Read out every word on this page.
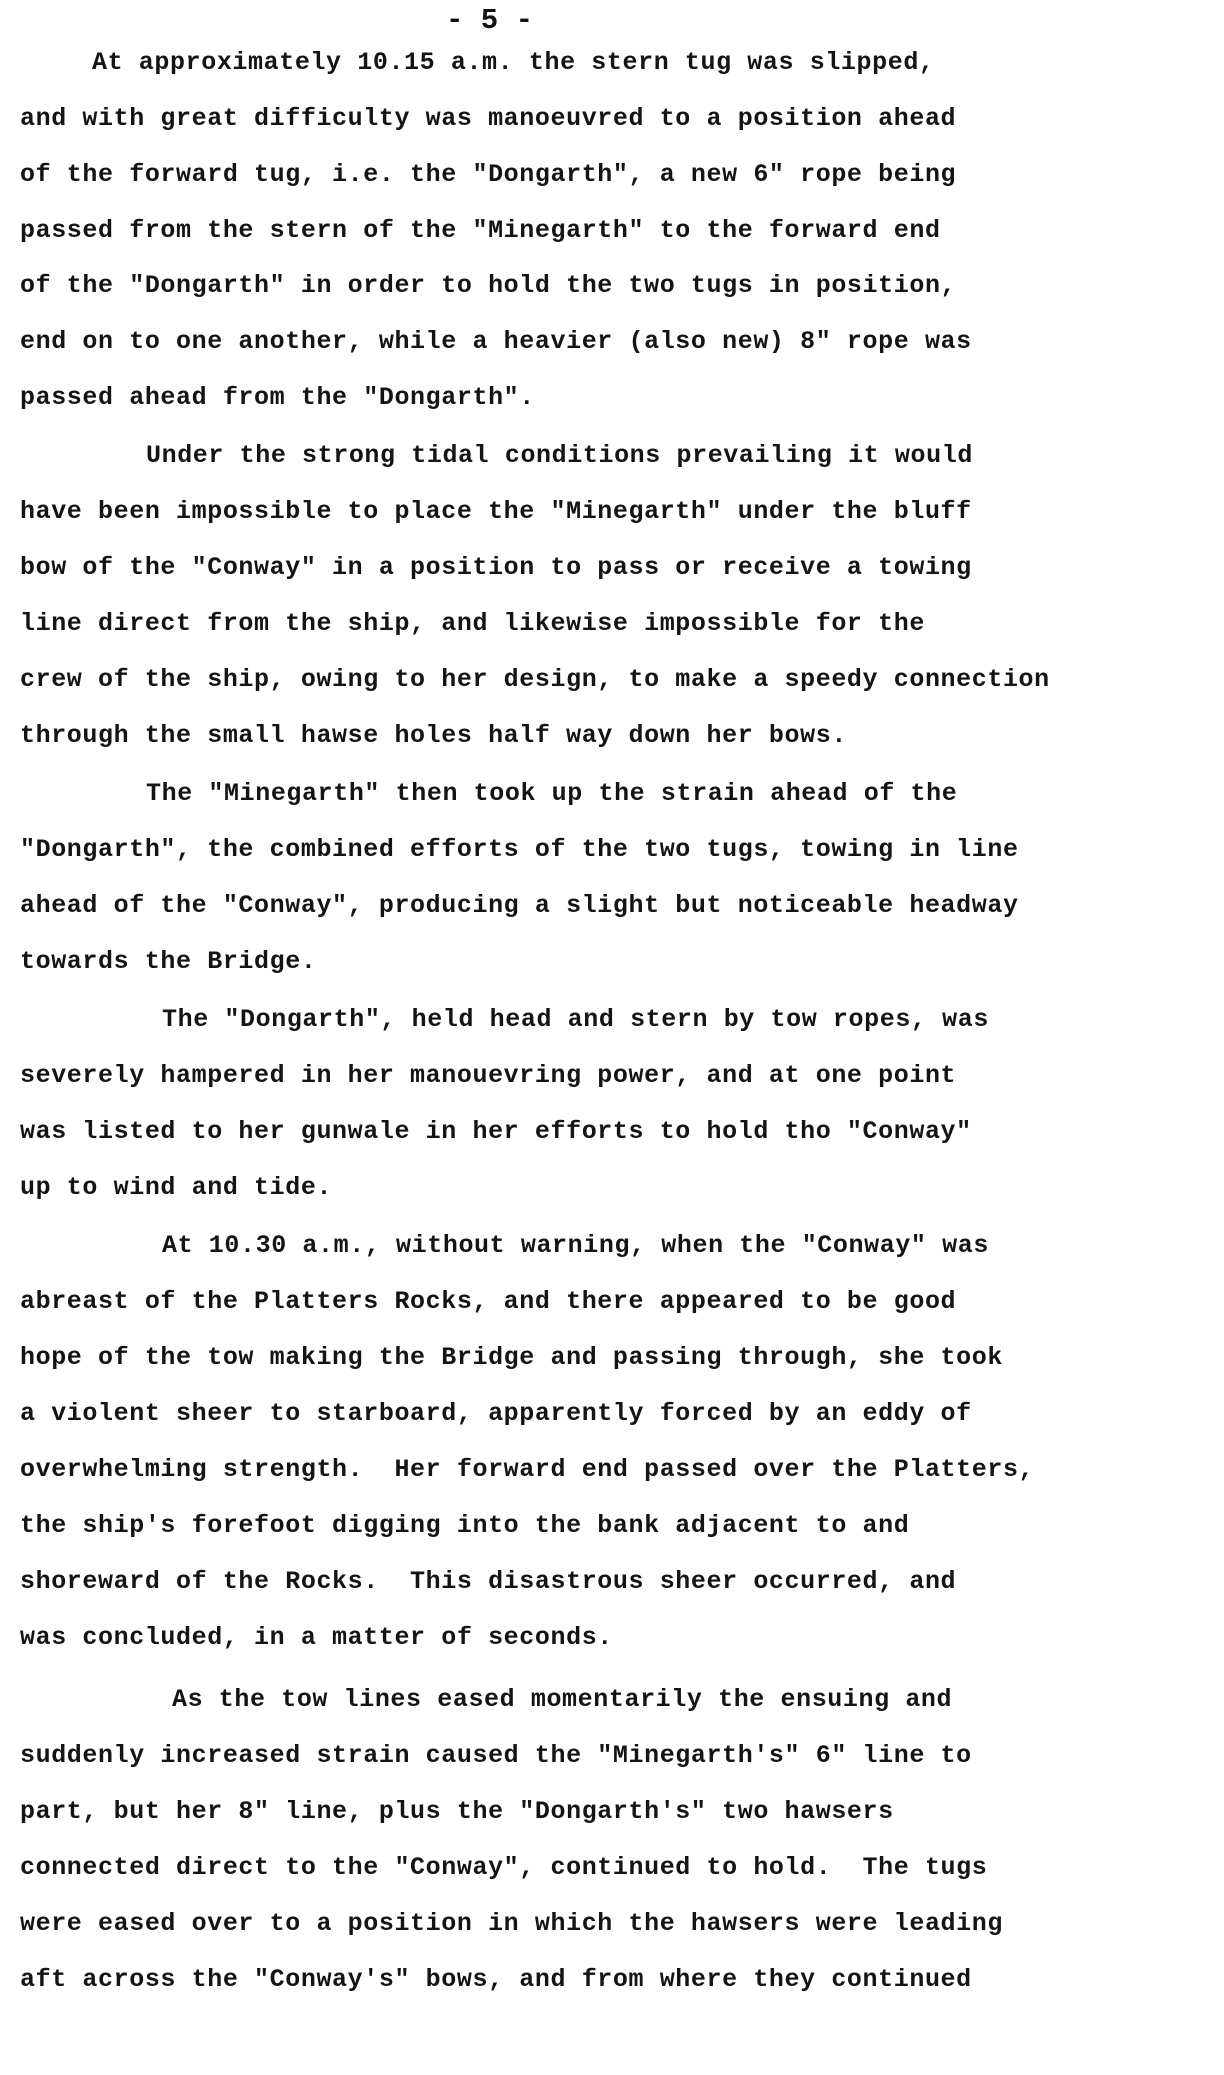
- 5 -
At approximately 10.15 a.m. the stern tug was slipped,
and with great difficulty was manoeuvred to a position ahead
of the forward tug, i.e. the "Dongarth", a new 6" rope being
passed from the stern of the "Minegarth" to the forward end
of the "Dongarth" in order to hold the two tugs in position,
end on to one another, while a heavier (also new) 8" rope was
passed ahead from the "Dongarth".
Under the strong tidal conditions prevailing it would
have been impossible to place the "Minegarth" under the bluff
bow of the "Conway" in a position to pass or receive a towing
line direct from the ship, and likewise impossible for the
crew of the ship, owing to her design, to make a speedy connection
through the small hawse holes half way down her bows.
The "Minegarth" then took up the strain ahead of the
"Dongarth", the combined efforts of the two tugs, towing in line
ahead of the "Conway", producing a slight but noticeable headway
towards the Bridge.
The "Dongarth", held head and stern by tow ropes, was
severely hampered in her manouevring power, and at one point
was listed to her gunwale in her efforts to hold tho "Conway"
up to wind and tide.
At 10.30 a.m., without warning, when the "Conway" was
abreast of the Platters Rocks, and there appeared to be good
hope of the tow making the Bridge and passing through, she took
a violent sheer to starboard, apparently forced by an eddy of
overwhelming strength.  Her forward end passed over the Platters,
the ship's forefoot digging into the bank adjacent to and
shoreward of the Rocks.  This disastrous sheer occurred, and
was concluded, in a matter of seconds.
As the tow lines eased momentarily the ensuing and
suddenly increased strain caused the "Minegarth's" 6" line to
part, but her 8" line, plus the "Dongarth's" two hawsers
connected direct to the "Conway", continued to hold.  The tugs
were eased over to a position in which the hawsers were leading
aft across the "Conway's" bows, and from where they continued
